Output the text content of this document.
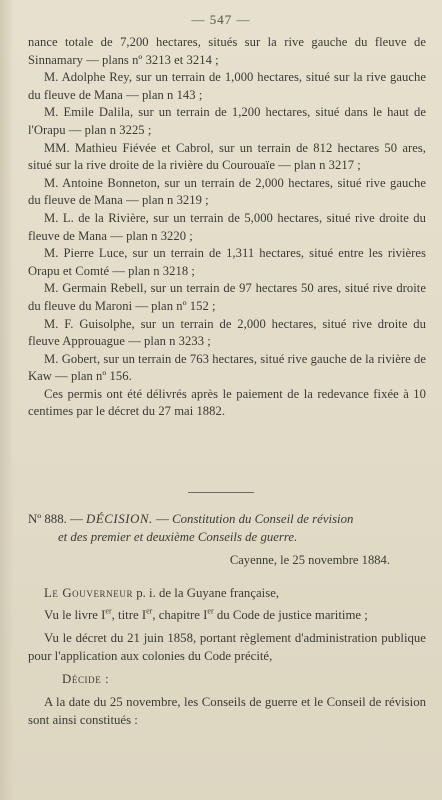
— 547 —

nance totale de 7,200 hectares, situés sur la rive gauche du fleuve de Sinnamary — plans nº 3213 et 3214 ;

M. Adolphe Rey, sur un terrain de 1,000 hectares, situé sur la rive gauche du fleuve de Mana — plan n 143 ;

M. Emile Dalila, sur un terrain de 1,200 hectares, situé dans le haut de l'Orapu — plan n 3225 ;

MM. Mathieu Fiévée et Cabrol, sur un terrain de 812 hectares 50 ares, situé sur la rive droite de la rivière du Courouaïe — plan n 3217 ;

M. Antoine Bonneton, sur un terrain de 2,000 hectares, situé rive gauche du fleuve de Mana — plan n 3219 ;

M. L. de la Rivière, sur un terrain de 5,000 hectares, situé rive droite du fleuve de Mana — plan n 3220 ;

M. Pierre Luce, sur un terrain de 1,311 hectares, situé entre les rivières Orapu et Comté — plan n 3218 ;

M. Germain Rebell, sur un terrain de 97 hectares 50 ares, situé rive droite du fleuve du Maroni — plan nº 152 ;

M. F. Guisolphe, sur un terrain de 2,000 hectares, situé rive droite du fleuve Approuague — plan n 3233 ;

M. Gobert, sur un terrain de 763 hectares, situé rive gauche de la rivière de Kaw — plan nº 156.

Ces permis ont été délivrés après le paiement de la redevance fixée à 10 centimes par le décret du 27 mai 1882.

Nº 888. — DÉCISION. — Constitution du Conseil de révision
et des premier et deuxième Conseils de guerre.
Cayenne, le 25 novembre 1884.

Le Gouverneur p. i. de la Guyane française,

Vu le livre Ier, titre Ier, chapitre Ier du Code de justice maritime ;

Vu le décret du 21 juin 1858, portant règlement d'administration publique pour l'application aux colonies du Code précité,

Décide :

A la date du 25 novembre, les Conseils de guerre et le Conseil de révision sont ainsi constitués :
